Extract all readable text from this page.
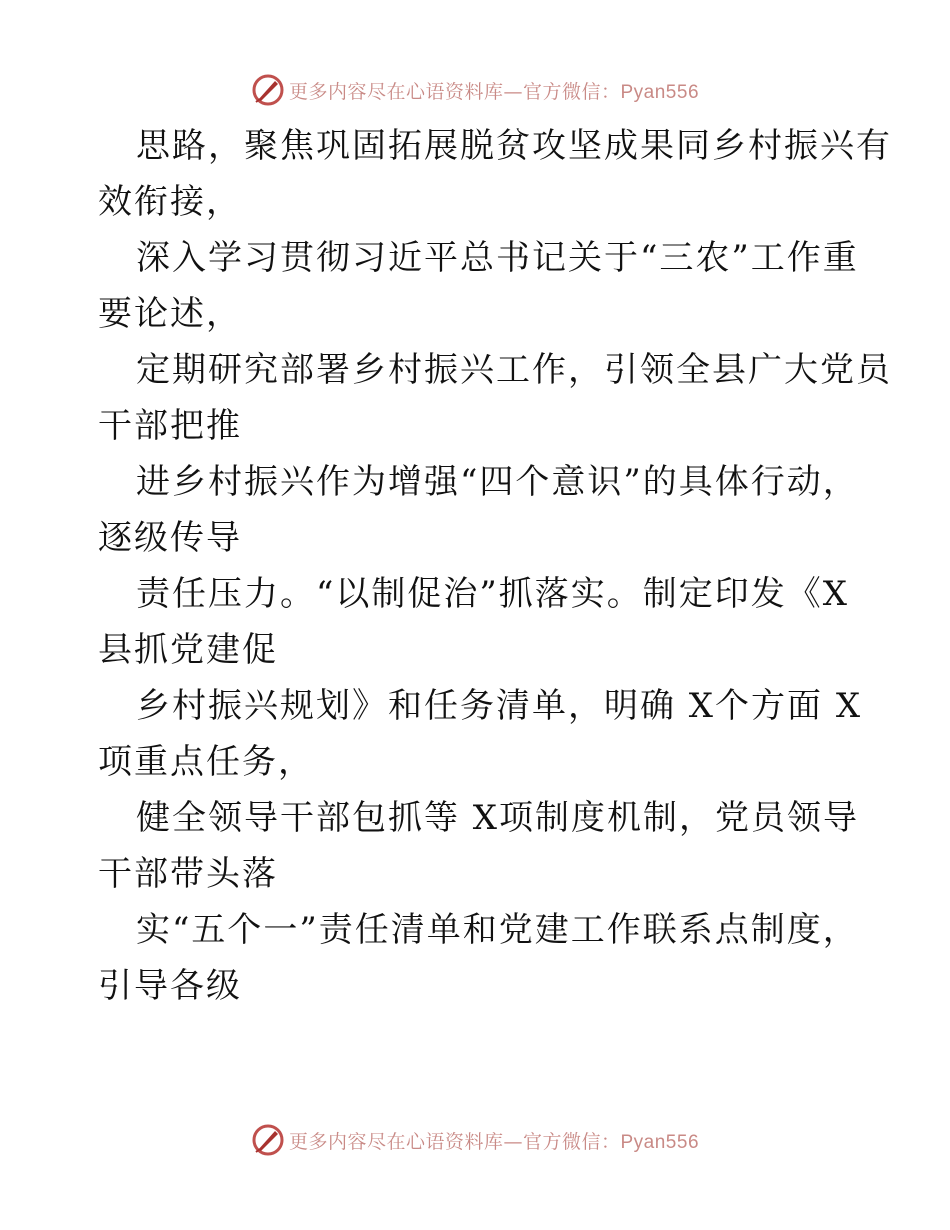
更多内容尽在心语资料库—官方微信：Pyan556
思路，聚焦巩固拓展脱贫攻坚成果同乡村振兴有
效衔接，
深入学习贯彻习近平总书记关于“三农”工作重
要论述，
定期研究部署乡村振兴工作，引领全县广大党员
干部把推
进乡村振兴作为增强“四个意识”的具体行动，
逐级传导
责任压力。“以制促治”抓落实。制定印发《X
县抓党建促
乡村振兴规划》和任务清单，明确 X个方面 X
项重点任务，
健全领导干部包抓等 X项制度机制，党员领导
干部带头落
实“五个一”责任清单和党建工作联系点制度，
引导各级
更多内容尽在心语资料库—官方微信：Pyan556
